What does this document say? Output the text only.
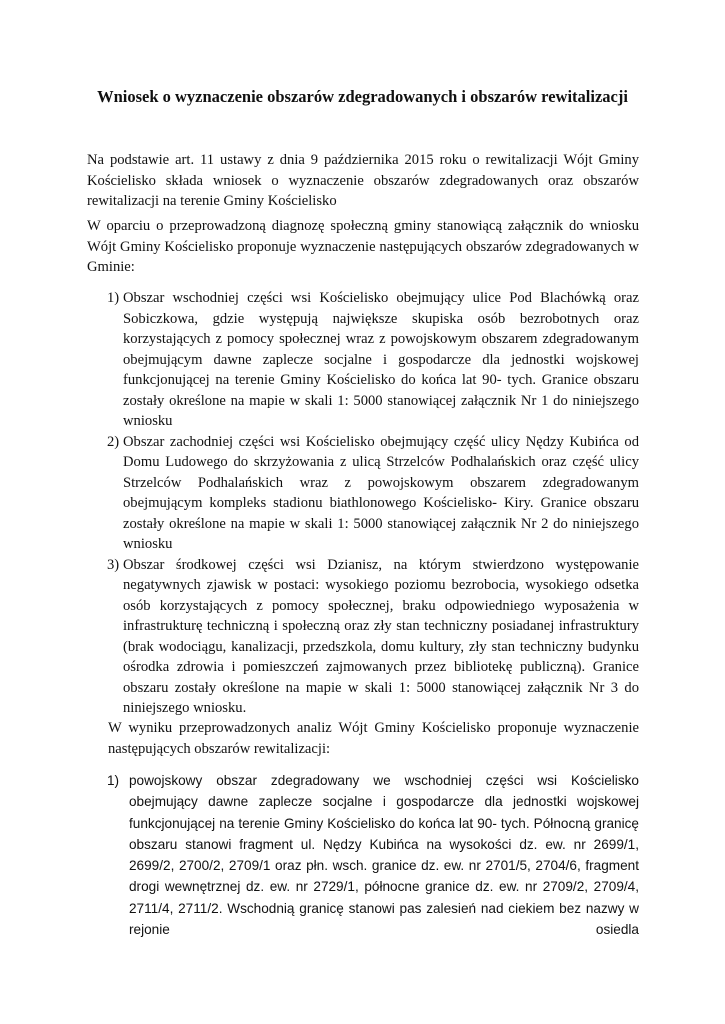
Wniosek o wyznaczenie obszarów zdegradowanych i obszarów rewitalizacji

Na podstawie art. 11 ustawy z dnia 9 października 2015 roku o rewitalizacji Wójt Gminy Kościelisko składa wniosek o wyznaczenie obszarów zdegradowanych oraz obszarów rewitalizacji na terenie Gminy Kościelisko

W oparciu o przeprowadzoną diagnozę społeczną gminy stanowiącą załącznik do wniosku Wójt Gminy Kościelisko proponuje wyznaczenie następujących obszarów zdegradowanych w Gminie:

1) Obszar wschodniej części wsi Kościelisko obejmujący ulice Pod Blachówką oraz Sobiczkowa, gdzie występują największe skupiska osób bezrobotnych oraz korzystających z pomocy społecznej wraz z powojskowym obszarem zdegradowanym obejmującym dawne zaplecze socjalne i gospodarcze dla jednostki wojskowej funkcjonującej na terenie Gminy Kościelisko do końca lat 90- tych. Granice obszaru zostały określone na mapie w skali 1: 5000 stanowiącej załącznik Nr 1 do niniejszego wniosku
2) Obszar zachodniej części wsi Kościelisko obejmujący część ulicy Nędzy Kubińca od Domu Ludowego do skrzyżowania z ulicą Strzelców Podhalańskich oraz część ulicy Strzelców Podhalańskich wraz z powojskowym obszarem zdegradowanym obejmującym kompleks stadionu biathlonowego Kościelisko- Kiry. Granice obszaru zostały określone na mapie w skali 1: 5000 stanowiącej załącznik Nr 2 do niniejszego wniosku
3) Obszar środkowej części wsi Dzianisz, na którym stwierdzono występowanie negatywnych zjawisk w postaci: wysokiego poziomu bezrobocia, wysokiego odsetka osób korzystających z pomocy społecznej, braku odpowiedniego wyposażenia w infrastrukturę techniczną i społeczną oraz zły stan techniczny posiadanej infrastruktury (brak wodociągu, kanalizacji, przedszkola, domu kultury, zły stan techniczny budynku ośrodka zdrowia i pomieszczeń zajmowanych przez bibliotekę publiczną). Granice obszaru zostały określone na mapie w skali 1: 5000 stanowiącej załącznik Nr 3 do niniejszego wniosku.

W wyniku przeprowadzonych analiz Wójt Gminy Kościelisko proponuje wyznaczenie następujących obszarów rewitalizacji:

1) powojskowy obszar zdegradowany we wschodniej części wsi Kościelisko obejmujący dawne zaplecze socjalne i gospodarcze dla jednostki wojskowej funkcjonującej na terenie Gminy Kościelisko do końca lat 90- tych. Północną granicę obszaru stanowi fragment ul. Nędzy Kubińca na wysokości dz. ew. nr 2699/1, 2699/2, 2700/2, 2709/1 oraz płn. wsch. granice dz. ew. nr 2701/5, 2704/6, fragment drogi wewnętrznej dz. ew. nr 2729/1, północne granice dz. ew. nr 2709/2, 2709/4, 2711/4, 2711/2. Wschodnią granicę stanowi pas zalesień nad ciekiem bez nazwy w rejonie osiedla
